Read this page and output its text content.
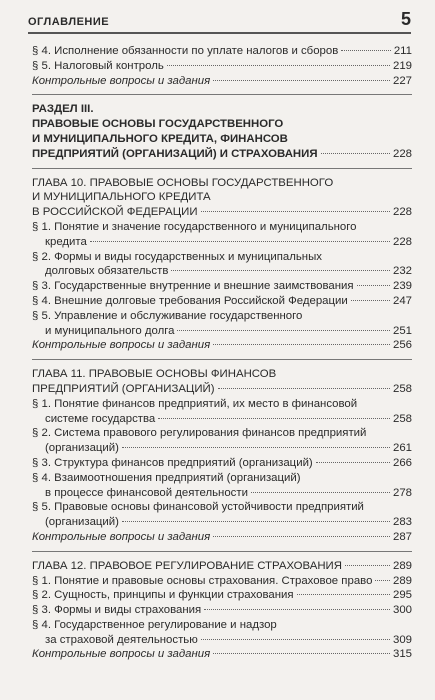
ОГЛАВЛЕНИЕ	5
§ 4. Исполнение обязанности по уплате налогов и сборов	211
§ 5. Налоговый контроль	219
Контрольные вопросы и задания	227
РАЗДЕЛ III.
ПРАВОВЫЕ ОСНОВЫ ГОСУДАРСТВЕННОГО
И МУНИЦИПАЛЬНОГО КРЕДИТА, ФИНАНСОВ
ПРЕДПРИЯТИЙ (ОРГАНИЗАЦИЙ) И СТРАХОВАНИЯ	228
ГЛАВА 10. ПРАВОВЫЕ ОСНОВЫ ГОСУДАРСТВЕННОГО
И МУНИЦИПАЛЬНОГО КРЕДИТА
В РОССИЙСКОЙ ФЕДЕРАЦИИ	228
§ 1. Понятие и значение государственного и муниципального
кредита	228
§ 2. Формы и виды государственных и муниципальных
долговых обязательств	232
§ 3. Государственные внутренние и внешние заимствования	239
§ 4. Внешние долговые требования Российской Федерации	247
§ 5. Управление и обслуживание государственного
и муниципального долга	251
Контрольные вопросы и задания	256
ГЛАВА 11. ПРАВОВЫЕ ОСНОВЫ ФИНАНСОВ
ПРЕДПРИЯТИЙ (ОРГАНИЗАЦИЙ)	258
§ 1. Понятие финансов предприятий, их место в финансовой
системе государства	258
§ 2. Система правового регулирования финансов предприятий
(организаций)	261
§ 3. Структура финансов предприятий (организаций)	266
§ 4. Взаимоотношения предприятий (организаций)
в процессе финансовой деятельности	278
§ 5. Правовые основы финансовой устойчивости предприятий
(организаций)	283
Контрольные вопросы и задания	287
ГЛАВА 12. ПРАВОВОЕ РЕГУЛИРОВАНИЕ СТРАХОВАНИЯ	289
§ 1. Понятие и правовые основы страхования. Страховое право 289
§ 2. Сущность, принципы и функции страхования	295
§ 3. Формы и виды страхования	300
§ 4. Государственное регулирование и надзор
за страховой деятельностью	309
Контрольные вопросы и задания	315
